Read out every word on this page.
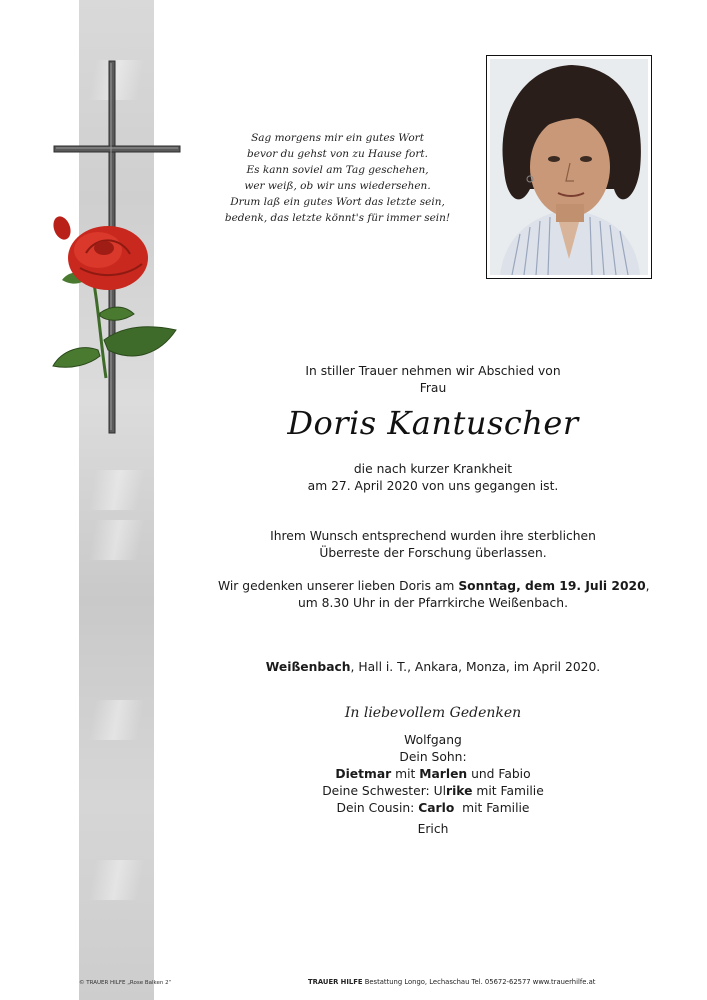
Sag morgens mir ein gutes Wort
bevor du gehst von zu Hause fort.
Es kann soviel am Tag geschehen,
wer weiß, ob wir uns wiedersehen.
Drum laß ein gutes Wort das letzte sein,
bedenk, das letzte könnt's für immer sein!
In stiller Trauer nehmen wir Abschied von
Frau
Doris Kantuscher
die nach kurzer Krankheit
am 27. April 2020 von uns gegangen ist.
Ihrem Wunsch entsprechend wurden ihre sterblichen
Überreste der Forschung überlassen.
Wir gedenken unserer lieben Doris am Sonntag, dem 19. Juli 2020,
um 8.30 Uhr in der Pfarrkirche Weißenbach.
Weißenbach, Hall i. T., Ankara, Monza, im April 2020.
In liebevollem Gedenken
Wolfgang
Dein Sohn:
Dietmar mit Marlen und Fabio
Deine Schwester: Ulrike mit Familie
Dein Cousin: Carlo  mit Familie
Erich
© TRAUER HILFE „Rose Balken 2“	TRAUER HILFE Bestattung Longo, Lechaschau Tel. 05672-62577 www.trauerhilfe.at
